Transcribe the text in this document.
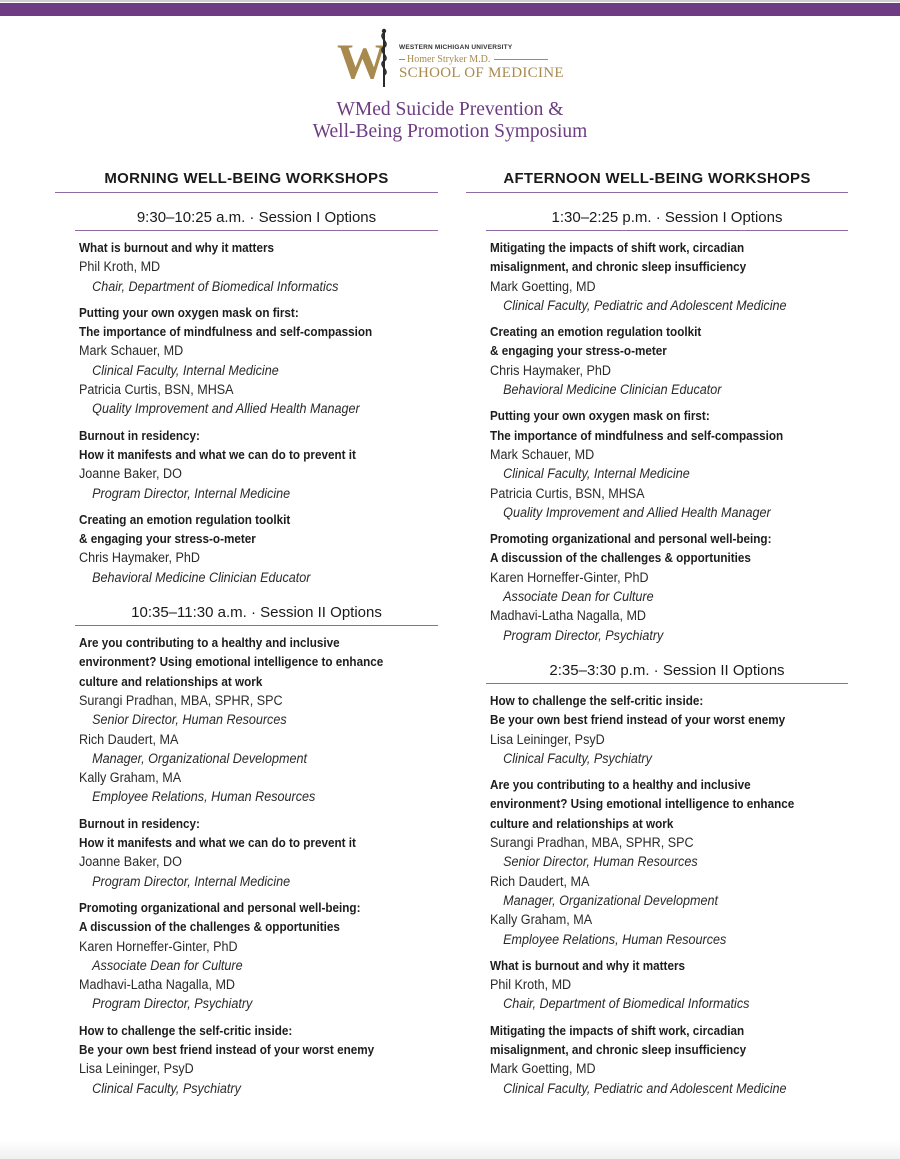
W WESTERN MICHIGAN UNIVERSITY
Homer Stryker M.D.
SCHOOL OF MEDICINE
WMed Suicide Prevention &
Well-Being Promotion Symposium
MORNING WELL-BEING WORKSHOPS
9:30–10:25 a.m. · Session I Options
What is burnout and why it matters
Phil Kroth, MD
Chair, Department of Biomedical Informatics
Putting your own oxygen mask on first:
The importance of mindfulness and self-compassion
Mark Schauer, MD
Clinical Faculty, Internal Medicine
Patricia Curtis, BSN, MHSA
Quality Improvement and Allied Health Manager
Burnout in residency:
How it manifests and what we can do to prevent it
Joanne Baker, DO
Program Director, Internal Medicine
Creating an emotion regulation toolkit
& engaging your stress-o-meter
Chris Haymaker, PhD
Behavioral Medicine Clinician Educator
10:35–11:30 a.m. · Session II Options
Are you contributing to a healthy and inclusive
environment? Using emotional intelligence to enhance
culture and relationships at work
Surangi Pradhan, MBA, SPHR, SPC
Senior Director, Human Resources
Rich Daudert, MA
Manager, Organizational Development
Kally Graham, MA
Employee Relations, Human Resources
Burnout in residency:
How it manifests and what we can do to prevent it
Joanne Baker, DO
Program Director, Internal Medicine
Promoting organizational and personal well-being:
A discussion of the challenges & opportunities
Karen Horneffer-Ginter, PhD
Associate Dean for Culture
Madhavi-Latha Nagalla, MD
Program Director, Psychiatry
How to challenge the self-critic inside:
Be your own best friend instead of your worst enemy
Lisa Leininger, PsyD
Clinical Faculty, Psychiatry
AFTERNOON WELL-BEING WORKSHOPS
1:30–2:25 p.m. · Session I Options
Mitigating the impacts of shift work, circadian
misalignment, and chronic sleep insufficiency
Mark Goetting, MD
Clinical Faculty, Pediatric and Adolescent Medicine
Creating an emotion regulation toolkit
& engaging your stress-o-meter
Chris Haymaker, PhD
Behavioral Medicine Clinician Educator
Putting your own oxygen mask on first:
The importance of mindfulness and self-compassion
Mark Schauer, MD
Clinical Faculty, Internal Medicine
Patricia Curtis, BSN, MHSA
Quality Improvement and Allied Health Manager
Promoting organizational and personal well-being:
A discussion of the challenges & opportunities
Karen Horneffer-Ginter, PhD
Associate Dean for Culture
Madhavi-Latha Nagalla, MD
Program Director, Psychiatry
2:35–3:30 p.m. · Session II Options
How to challenge the self-critic inside:
Be your own best friend instead of your worst enemy
Lisa Leininger, PsyD
Clinical Faculty, Psychiatry
Are you contributing to a healthy and inclusive
environment? Using emotional intelligence to enhance
culture and relationships at work
Surangi Pradhan, MBA, SPHR, SPC
Senior Director, Human Resources
Rich Daudert, MA
Manager, Organizational Development
Kally Graham, MA
Employee Relations, Human Resources
What is burnout and why it matters
Phil Kroth, MD
Chair, Department of Biomedical Informatics
Mitigating the impacts of shift work, circadian
misalignment, and chronic sleep insufficiency
Mark Goetting, MD
Clinical Faculty, Pediatric and Adolescent Medicine
